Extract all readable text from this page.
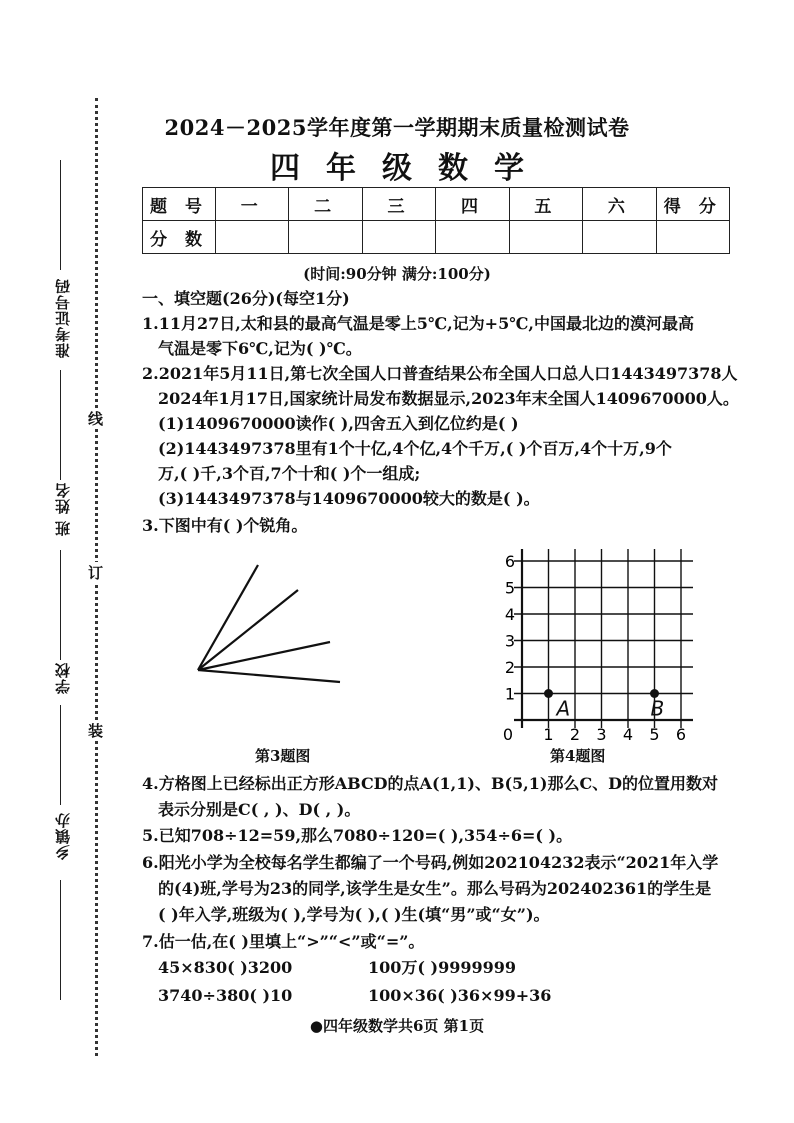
准考证号码
班 姓名
学校
乡镇办
线
订
装
2024－2025学年度第一学期期末质量检测试卷
四年级数学
题 号	一	二	三	四	五	六	得 分
分 数							
(时间:90分钟 满分:100分)
一、填空题(26分)(每空1分)
1.11月27日,太和县的最高气温是零上5℃,记为+5℃,中国最北边的漠河最高
气温是零下6℃,记为( )℃。
2.2021年5月11日,第七次全国人口普查结果公布全国人口总人口1443497378人
2024年1月17日,国家统计局发布数据显示,2023年末全国人1409670000人。
(1)1409670000读作( ),四舍五入到亿位约是( )
(2)1443497378里有1个十亿,4个亿,4个千万,( )个百万,4个十万,9个
万,( )千,3个百,7个十和( )个一组成;
(3)1443497378与1409670000较大的数是( )。
3.下图中有( )个锐角。
第3题图
0 1 2 3 4 5 6
1
2
3
4
5
6
A	B
第4题图
4.方格图上已经标出正方形ABCD的点A(1,1)、B(5,1)那么C、D的位置用数对
表示分别是C( , )、D( , )。
5.已知708÷12=59,那么7080÷120=( ),354÷6=( )。
6.阳光小学为全校每名学生都编了一个号码,例如202104232表示“2021年入学
的(4)班,学号为23的同学,该学生是女生”。那么号码为202402361的学生是
( )年入学,班级为( ),学号为( ),( )生(填“男”或“女”)。
7.估一估,在( )里填上“>”“<”或“=”。
45×830( )3200	100万( )9999999
3740÷380( )10	100×36( )36×99+36
●四年级数学共6页 第1页
